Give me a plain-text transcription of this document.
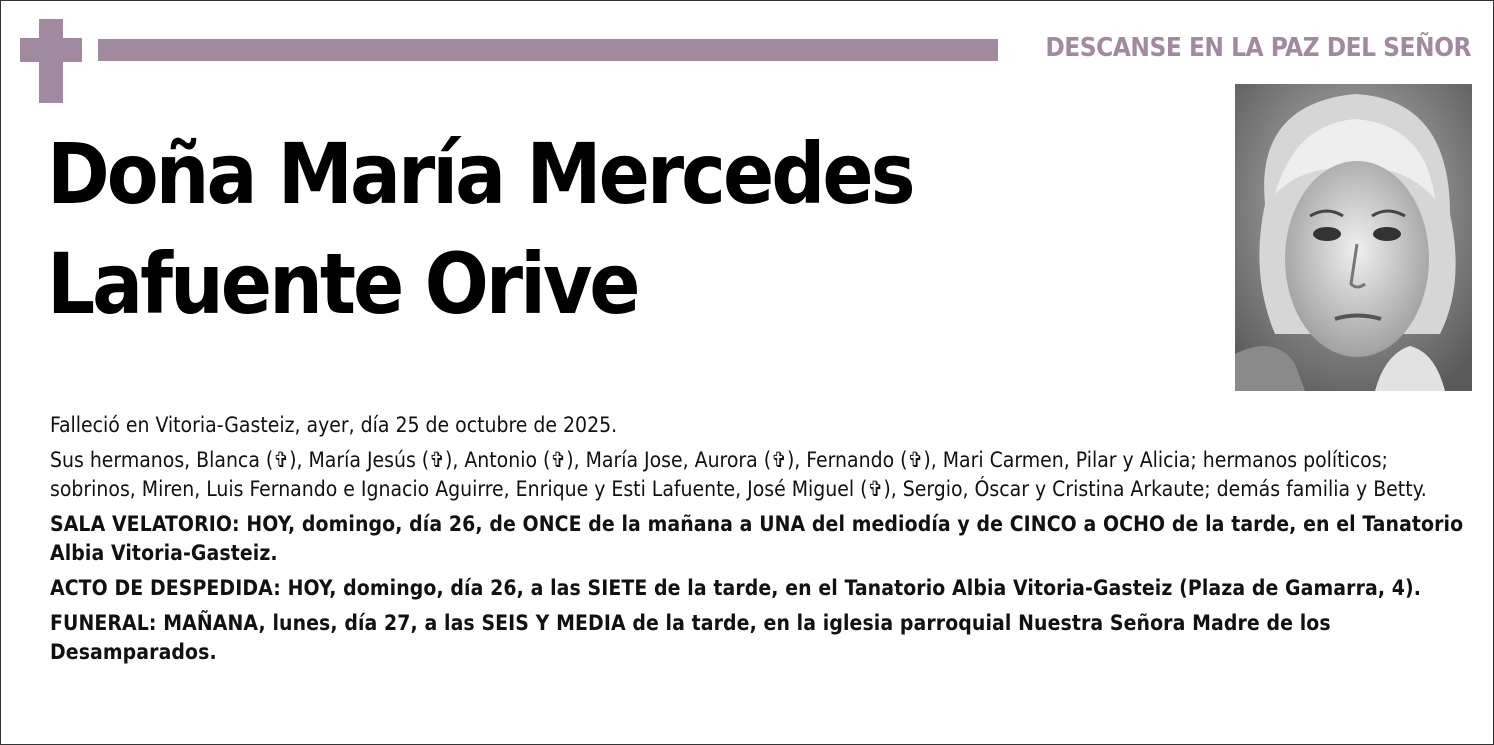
DESCANSE EN LA PAZ DEL SEÑOR
Doña María Mercedes
Lafuente Orive

Falleció en Vitoria-Gasteiz, ayer, día 25 de octubre de 2025.

Sus hermanos, Blanca (✞), María Jesús (✞), Antonio (✞), María Jose, Aurora (✞), Fernando (✞), Mari Carmen, Pilar y Alicia; hermanos políticos; sobrinos, Miren, Luis Fernando e Ignacio Aguirre, Enrique y Esti Lafuente, José Miguel (✞), Sergio, Óscar y Cristina Arkaute; demás familia y Betty.

SALA VELATORIO: HOY, domingo, día 26, de ONCE de la mañana a UNA del mediodía y de CINCO a OCHO de la tarde, en el Tanatorio Albia Vitoria-Gasteiz.

ACTO DE DESPEDIDA: HOY, domingo, día 26, a las SIETE de la tarde, en el Tanatorio Albia Vitoria-Gasteiz (Plaza de Gamarra, 4).

FUNERAL: MAÑANA, lunes, día 27, a las SEIS Y MEDIA de la tarde, en la iglesia parroquial Nuestra Señora Madre de los Desamparados.
